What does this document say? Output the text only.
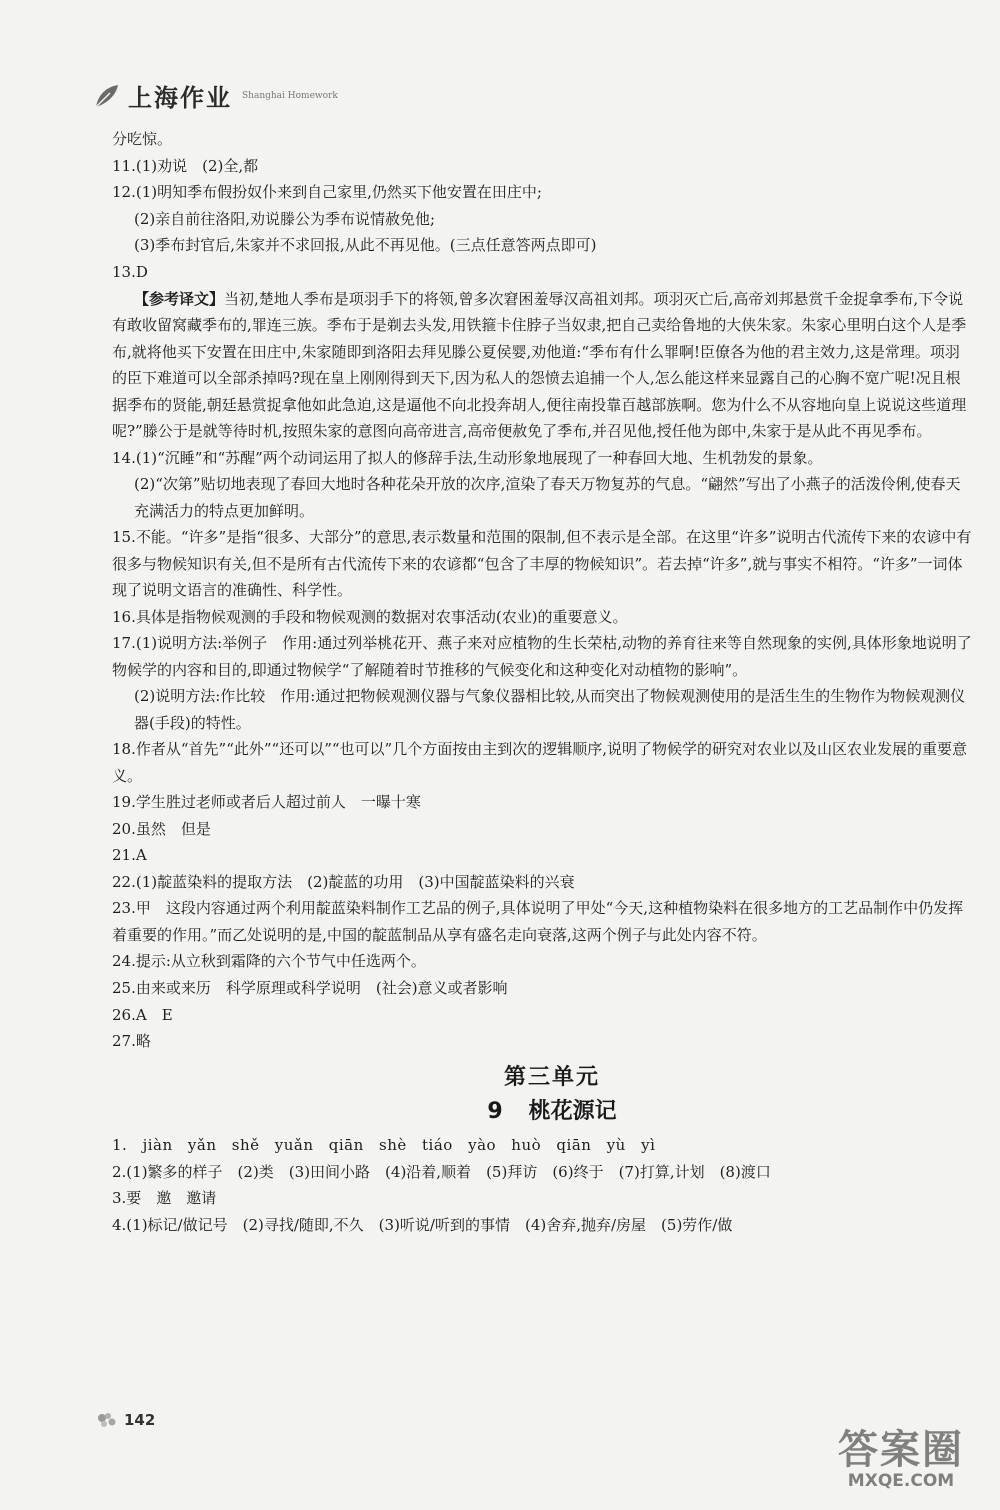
上海作业 Shanghai Homework
分吃惊。
11.(1)劝说　(2)全,都
12.(1)明知季布假扮奴仆来到自己家里,仍然买下他安置在田庄中;
(2)亲自前往洛阳,劝说滕公为季布说情赦免他;
(3)季布封官后,朱家并不求回报,从此不再见他。(三点任意答两点即可)
13.D
【参考译文】当初,楚地人季布是项羽手下的将领,曾多次窘困羞辱汉高祖刘邦。项羽灭亡后,高帝刘邦悬赏千金捉拿季布,下令说有敢收留窝藏季布的,罪连三族。季布于是剃去头发,用铁箍卡住脖子当奴隶,把自己卖给鲁地的大侠朱家。朱家心里明白这个人是季布,就将他买下安置在田庄中,朱家随即到洛阳去拜见滕公夏侯婴,劝他道:“季布有什么罪啊!臣僚各为他的君主效力,这是常理。项羽的臣下难道可以全部杀掉吗?现在皇上刚刚得到天下,因为私人的怨愤去追捕一个人,怎么能这样来显露自己的心胸不宽广呢!况且根据季布的贤能,朝廷悬赏捉拿他如此急迫,这是逼他不向北投奔胡人,便往南投靠百越部族啊。您为什么不从容地向皇上说说这些道理呢?”滕公于是就等待时机,按照朱家的意图向高帝进言,高帝便赦免了季布,并召见他,授任他为郎中,朱家于是从此不再见季布。
14.(1)“沉睡”和“苏醒”两个动词运用了拟人的修辞手法,生动形象地展现了一种春回大地、生机勃发的景象。
(2)“次第”贴切地表现了春回大地时各种花朵开放的次序,渲染了春天万物复苏的气息。“翩然”写出了小燕子的活泼伶俐,使春天充满活力的特点更加鲜明。
15.不能。“许多”是指“很多、大部分”的意思,表示数量和范围的限制,但不表示是全部。在这里“许多”说明古代流传下来的农谚中有很多与物候知识有关,但不是所有古代流传下来的农谚都“包含了丰厚的物候知识”。若去掉“许多”,就与事实不相符。“许多”一词体现了说明文语言的准确性、科学性。
16.具体是指物候观测的手段和物候观测的数据对农事活动(农业)的重要意义。
17.(1)说明方法:举例子　作用:通过列举桃花开、燕子来对应植物的生长荣枯,动物的养育往来等自然现象的实例,具体形象地说明了物候学的内容和目的,即通过物候学“了解随着时节推移的气候变化和这种变化对动植物的影响”。
(2)说明方法:作比较　作用:通过把物候观测仪器与气象仪器相比较,从而突出了物候观测使用的是活生生的生物作为物候观测仪器(手段)的特性。
18.作者从“首先”“此外”“还可以”“也可以”几个方面按由主到次的逻辑顺序,说明了物候学的研究对农业以及山区农业发展的重要意义。
19.学生胜过老师或者后人超过前人　一曝十寒
20.虽然　但是
21.A
22.(1)靛蓝染料的提取方法　(2)靛蓝的功用　(3)中国靛蓝染料的兴衰
23.甲　这段内容通过两个利用靛蓝染料制作工艺品的例子,具体说明了甲处“今天,这种植物染料在很多地方的工艺品制作中仍发挥着重要的作用。”而乙处说明的是,中国的靛蓝制品从享有盛名走向衰落,这两个例子与此处内容不符。
24.提示:从立秋到霜降的六个节气中任选两个。
25.由来或来历　科学原理或科学说明　(社会)意义或者影响
26.A　E
27.略
第三单元
9 桃花源记
1. jiàn yǎn shě yuǎn qiān shè tiáo yào huò qiān yù yì
2.(1)繁多的样子　(2)类　(3)田间小路　(4)沿着,顺着　(5)拜访　(6)终于　(7)打算,计划　(8)渡口
3.要　邀　邀请
4.(1)标记/做记号　(2)寻找/随即,不久　(3)听说/听到的事情　(4)舍弃,抛弃/房屋　(5)劳作/做
142
答案圈
MXQE.COM
